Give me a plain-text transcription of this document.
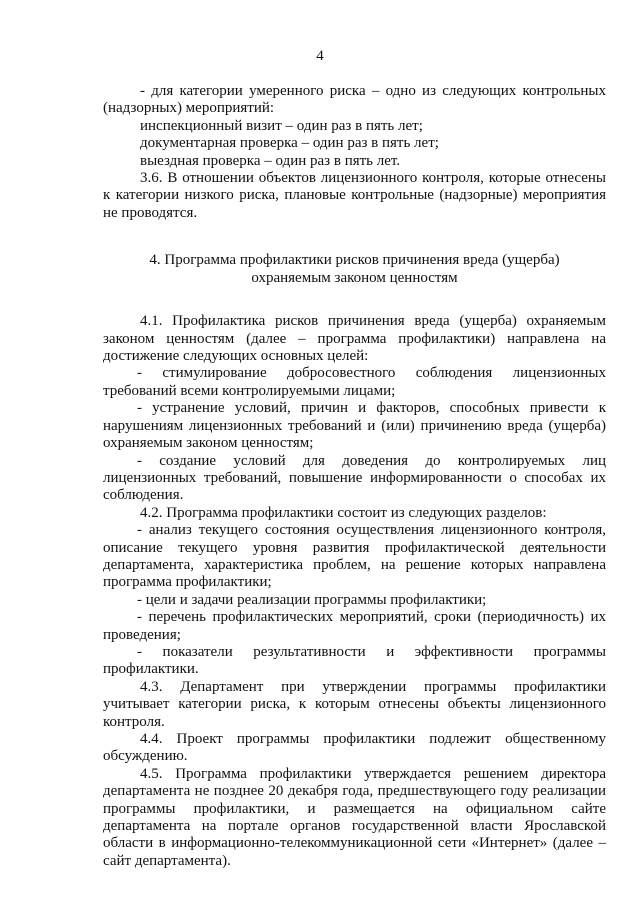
4

- для категории умеренного риска – одно из следующих контрольных (надзорных) мероприятий:

инспекционный визит – один раз в пять лет;

документарная проверка – один раз в пять лет;

выездная проверка – один раз в пять лет.

3.6. В отношении объектов лицензионного контроля, которые отнесены к категории низкого риска, плановые контрольные (надзорные) мероприятия не проводятся.

4. Программа профилактики рисков причинения вреда (ущерба)
охраняемым законом ценностям

4.1. Профилактика рисков причинения вреда (ущерба) охраняемым законом ценностям (далее – программа профилактики) направлена на достижение следующих основных целей:

- стимулирование добросовестного соблюдения лицензионных требований всеми контролируемыми лицами;

- устранение условий, причин и факторов, способных привести к нарушениям лицензионных требований и (или) причинению вреда (ущерба) охраняемым законом ценностям;

- создание условий для доведения до контролируемых лиц лицензионных требований, повышение информированности о способах их соблюдения.

4.2. Программа профилактики состоит из следующих разделов:

- анализ текущего состояния осуществления лицензионного контроля, описание текущего уровня развития профилактической деятельности департамента, характеристика проблем, на решение которых направлена программа профилактики;

- цели и задачи реализации программы профилактики;

- перечень профилактических мероприятий, сроки (периодичность) их проведения;

- показатели результативности и эффективности программы профилактики.

4.3. Департамент при утверждении программы профилактики учитывает категории риска, к которым отнесены объекты лицензионного контроля.

4.4. Проект программы профилактики подлежит общественному обсуждению.

4.5. Программа профилактики утверждается решением директора департамента не позднее 20 декабря года, предшествующего году реализации программы профилактики, и размещается на официальном сайте департамента на портале органов государственной власти Ярославской области в информационно-телекоммуникационной сети «Интернет» (далее – сайт департамента).
